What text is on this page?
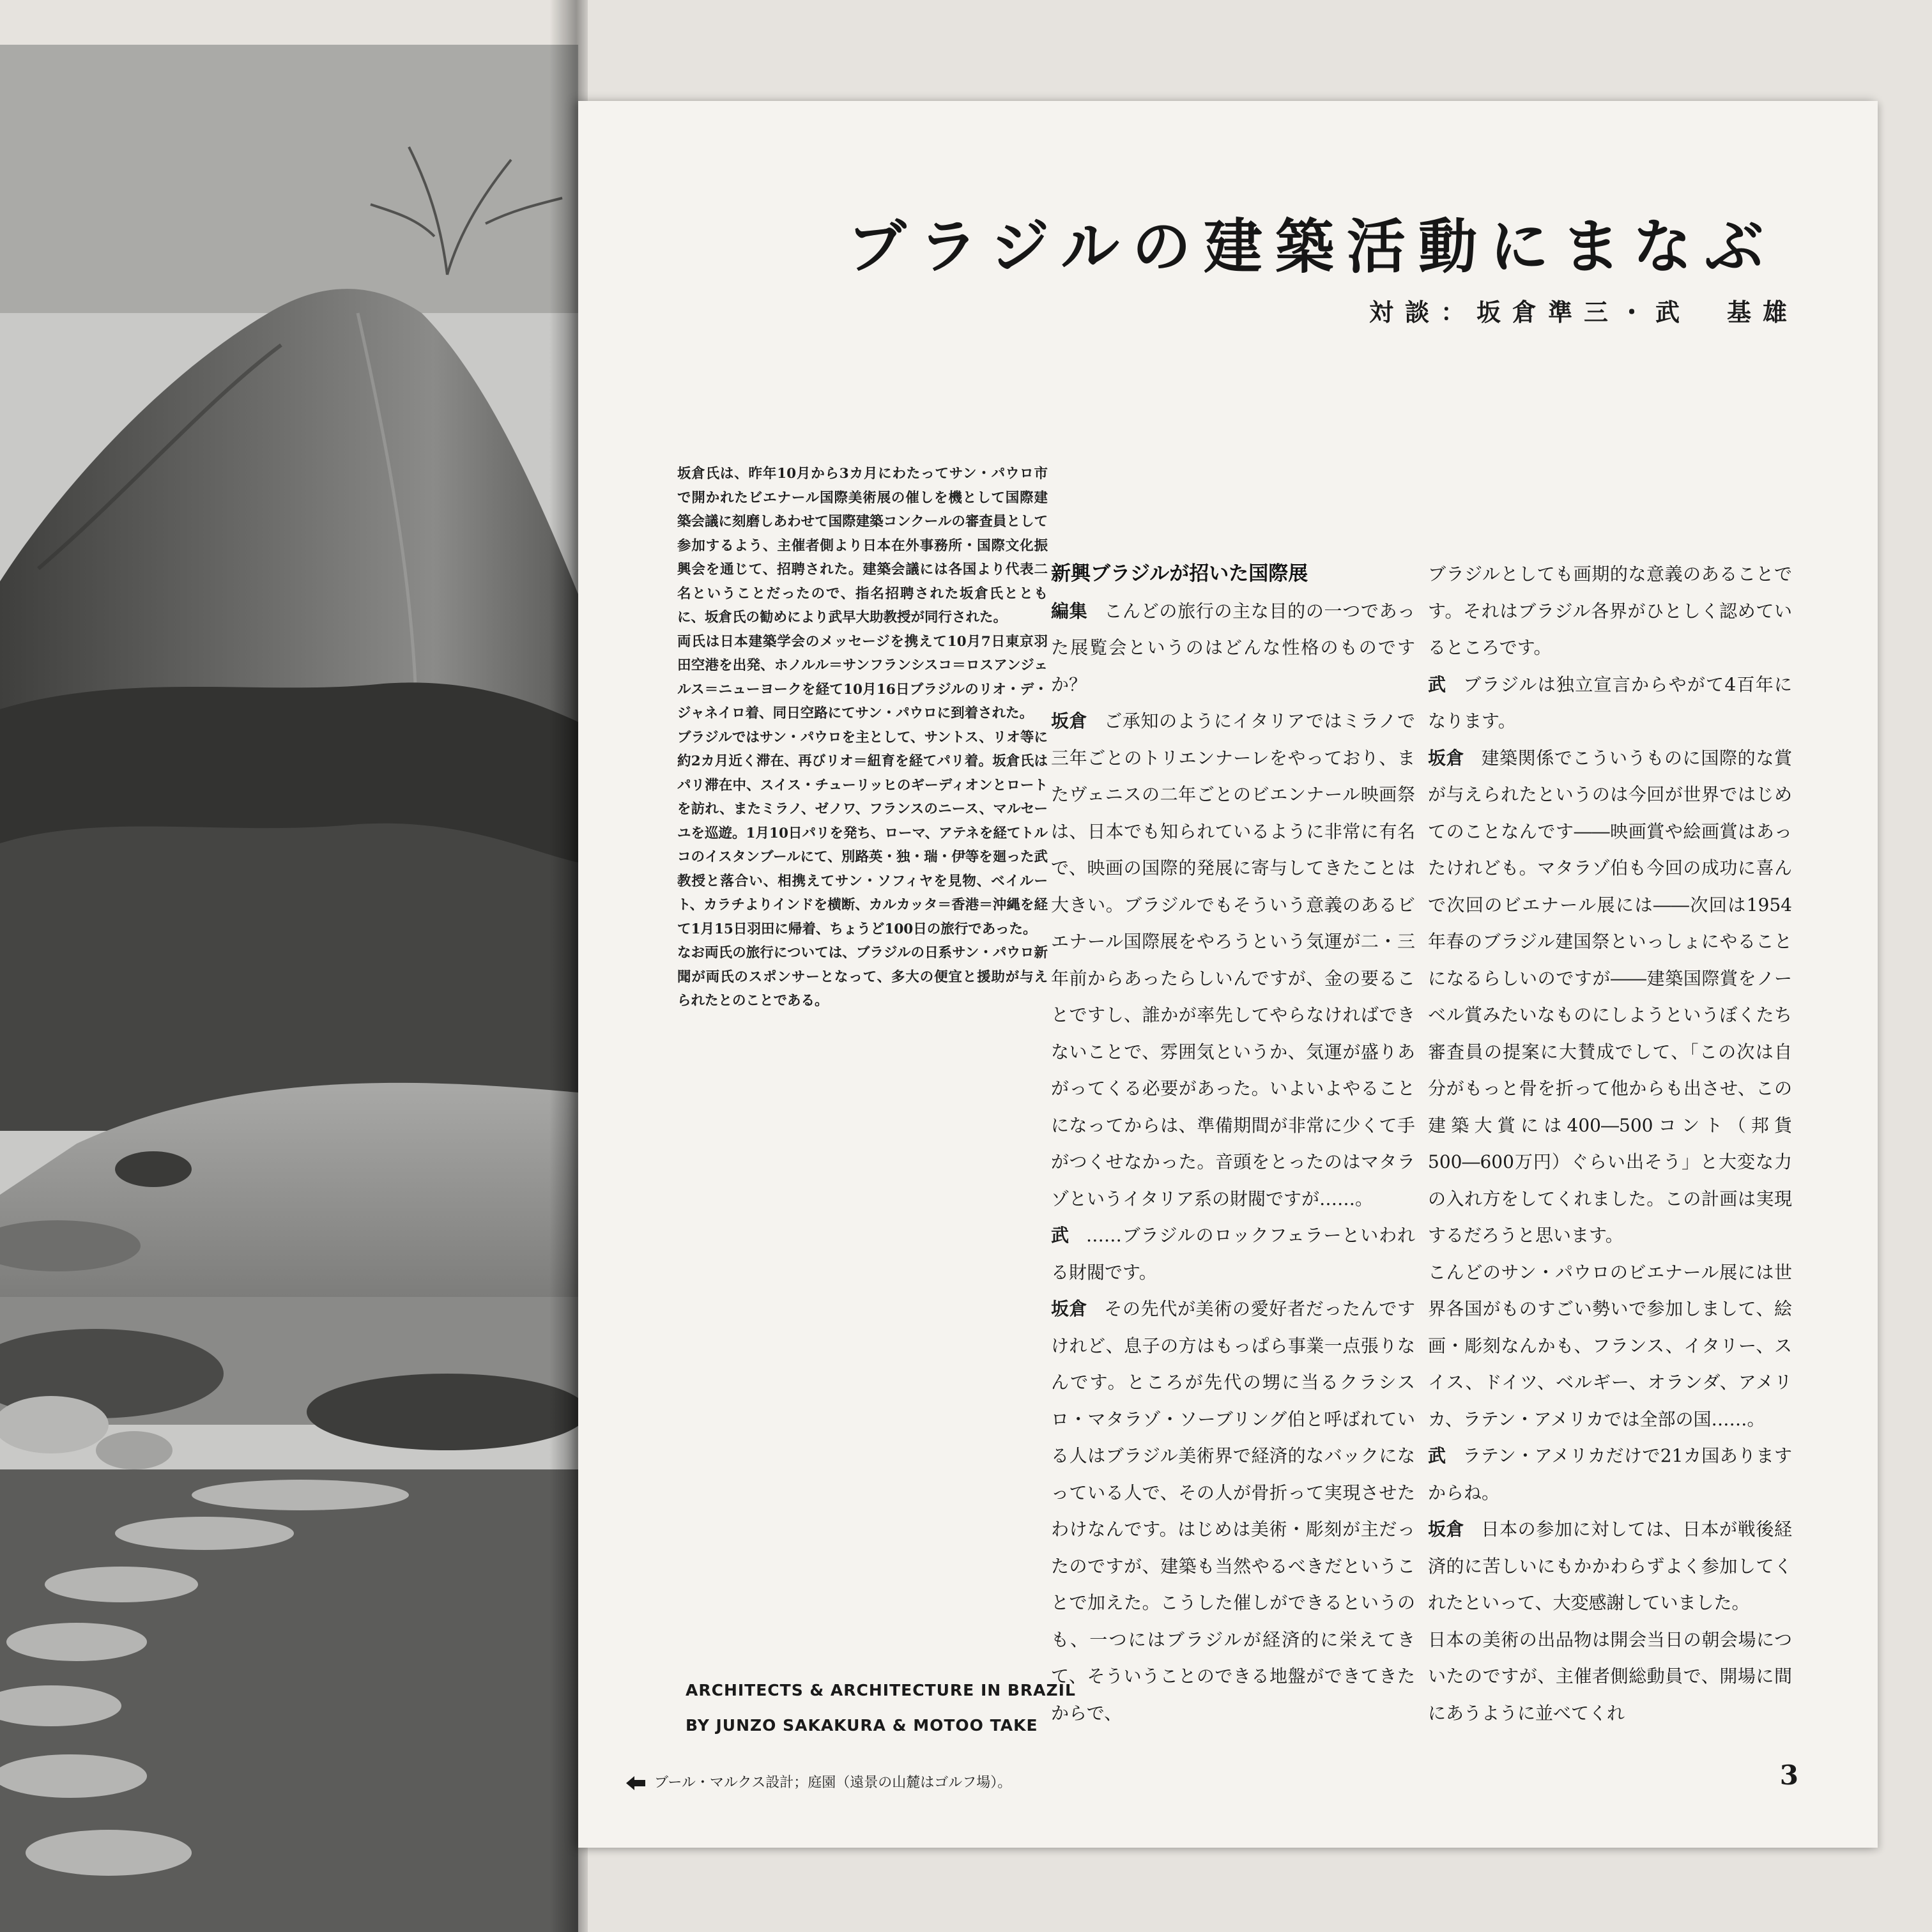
ブラジルの建築活動にまなぶ
対談：坂倉準三・武　基雄

坂倉氏は、昨年10月から3カ月にわたってサン・パウロ市で開かれたビエナール国際美術展の催しを機として国際建築会議に刻磨しあわせて国際建築コンクールの審査員として参加するよう、主催者側より日本在外事務所・国際文化振興会を通じて、招聘された。建築会議には各国より代表二名ということだったので、指名招聘された坂倉氏とともに、坂倉氏の勧めにより武早大助教授が同行された。

両氏は日本建築学会のメッセージを携えて10月7日東京羽田空港を出発、ホノルル＝サンフランシスコ＝ロスアンジェルス＝ニューヨークを経て10月16日ブラジルのリオ・デ・ジャネイロ着、同日空路にてサン・パウロに到着された。

ブラジルではサン・パウロを主として、サントス、リオ等に約2カ月近く滞在、再びリオ＝紐育を経てパリ着。坂倉氏はパリ滞在中、スイス・チューリッヒのギーディオンとロートを訪れ、またミラノ、ゼノワ、フランスのニース、マルセーユを巡遊。1月10日パリを発ち、ローマ、アテネを経てトルコのイスタンブールにて、別路英・独・瑞・伊等を廻った武教授と落合い、相携えてサン・ソフィヤを見物、ベイルート、カラチよりインドを横断、カルカッタ＝香港＝沖縄を経て1月15日羽田に帰着、ちょうど100日の旅行であった。

なお両氏の旅行については、ブラジルの日系サン・パウロ新聞が両氏のスポンサーとなって、多大の便宜と援助が与えられたとのことである。

新興ブラジルが招いた国際展

編集 こんどの旅行の主な目的の一つであった展覧会というのはどんな性格のものですか？

坂倉 ご承知のようにイタリアではミラノで三年ごとのトリエンナーレをやっており、またヴェニスの二年ごとのビエンナール映画祭は、日本でも知られているように非常に有名で、映画の国際的発展に寄与してきたことは大きい。ブラジルでもそういう意義のあるビエナール国際展をやろうという気運が二・三年前からあったらしいんですが、金の要ることですし、誰かが率先してやらなければできないことで、雰囲気というか、気運が盛りあがってくる必要があった。いよいよやることになってからは、準備期間が非常に少くて手がつくせなかった。音頭をとったのはマタラゾというイタリア系の財閥ですが……。

武 ……ブラジルのロックフェラーといわれる財閥です。

坂倉 その先代が美術の愛好者だったんですけれど、息子の方はもっぱら事業一点張りなんです。ところが先代の甥に当るクラシスロ・マタラゾ・ソーブリング伯と呼ばれている人はブラジル美術界で経済的なバックになっている人で、その人が骨折って実現させたわけなんです。はじめは美術・彫刻が主だったのですが、建築も当然やるべきだということで加えた。こうした催しができるというのも、一つにはブラジルが経済的に栄えてきて、そういうことのできる地盤ができてきたからで、

ブラジルとしても画期的な意義のあることです。それはブラジル各界がひとしく認めているところです。

武 ブラジルは独立宣言からやがて4百年になります。

坂倉 建築関係でこういうものに国際的な賞が与えられたというのは今回が世界ではじめてのことなんです――映画賞や絵画賞はあったけれども。マタラゾ伯も今回の成功に喜んで次回のビエナール展には――次回は1954年春のブラジル建国祭といっしょにやることになるらしいのですが――建築国際賞をノーベル賞みたいなものにしようというぼくたち審査員の提案に大賛成でして、「この次は自分がもっと骨を折って他からも出させ、この建築大賞には400―500コント（邦貨500―600万円）ぐらい出そう」と大変な力の入れ方をしてくれました。この計画は実現するだろうと思います。

こんどのサン・パウロのビエナール展には世界各国がものすごい勢いで参加しまして、絵画・彫刻なんかも、フランス、イタリー、スイス、ドイツ、ベルギー、オランダ、アメリカ、ラテン・アメリカでは全部の国……。

武 ラテン・アメリカだけで21カ国ありますからね。

坂倉 日本の参加に対しては、日本が戦後経済的に苦しいにもかかわらずよく参加してくれたといって、大変感謝していました。

日本の美術の出品物は開会当日の朝会場についたのですが、主催者側総動員で、開場に間にあうように並べてくれ

ARCHITECTS & ARCHITECTURE IN BRAZIL
BY JUNZO SAKAKURA & MOTOO TAKE
ブール・マルクス設計；庭園（遠景の山麓はゴルフ場）。	3
